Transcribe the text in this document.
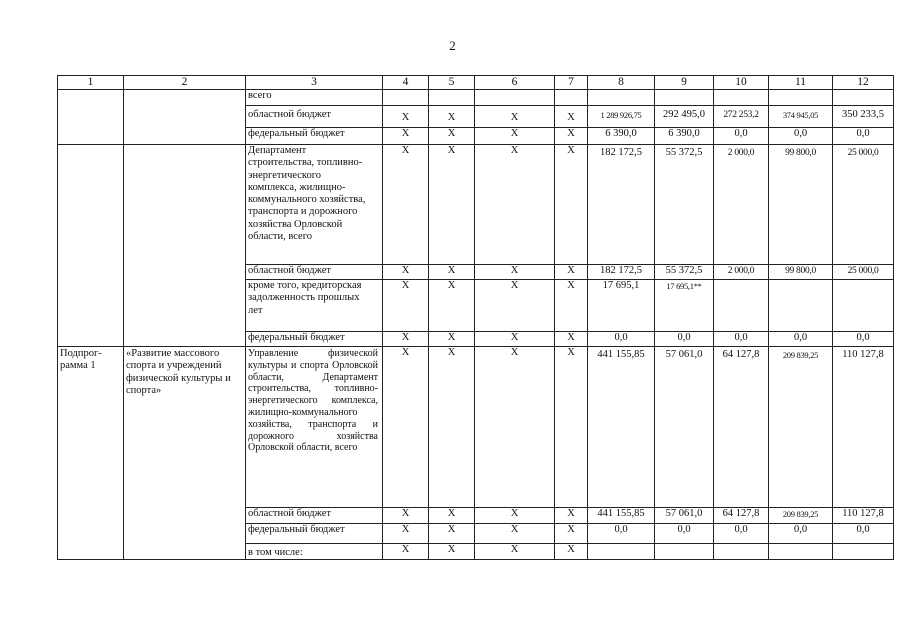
2
1	2	3	4	5	6	7	8	9	10	11	12
		всего									
		областной бюджет	X	X	X	X	1 289 926,75	292 495,0	272 253,2	374 945,05	350 233,5
		федеральный бюджет	X	X	X	X	6 390,0	6 390,0	0,0	0,0	0,0
		Департамент строительства, топливно-энергетического комплекса, жилищно-коммунального хозяйства, транспорта и дорожного хозяйства Орловской области, всего	X	X	X	X	182 172,5	55 372,5	2 000,0	99 800,0	25 000,0
		областной бюджет	X	X	X	X	182 172,5	55 372,5	2 000,0	99 800,0	25 000,0
		кроме того, кредиторская задолженность прошлых лет	X	X	X	X	17 695,1	17 695,1**			
		федеральный бюджет	X	X	X	X	0,0	0,0	0,0	0,0	0,0
Подпрог-рамма 1	«Развитие массового спорта и учреждений физической культуры и спорта»	Управление физической культуры и спорта Орловской области, Департамент строительства, топливно-энергетического комплекса, жилищно-коммунального хозяйства, транспорта и дорожного хозяйства Орловской области, всего	X	X	X	X	441 155,85	57 061,0	64 127,8	209 839,25	110 127,8
		областной бюджет	X	X	X	X	441 155,85	57 061,0	64 127,8	209 839,25	110 127,8
		федеральный бюджет	X	X	X	X	0,0	0,0	0,0	0,0	0,0
		в том числе:	X	X	X	X					
